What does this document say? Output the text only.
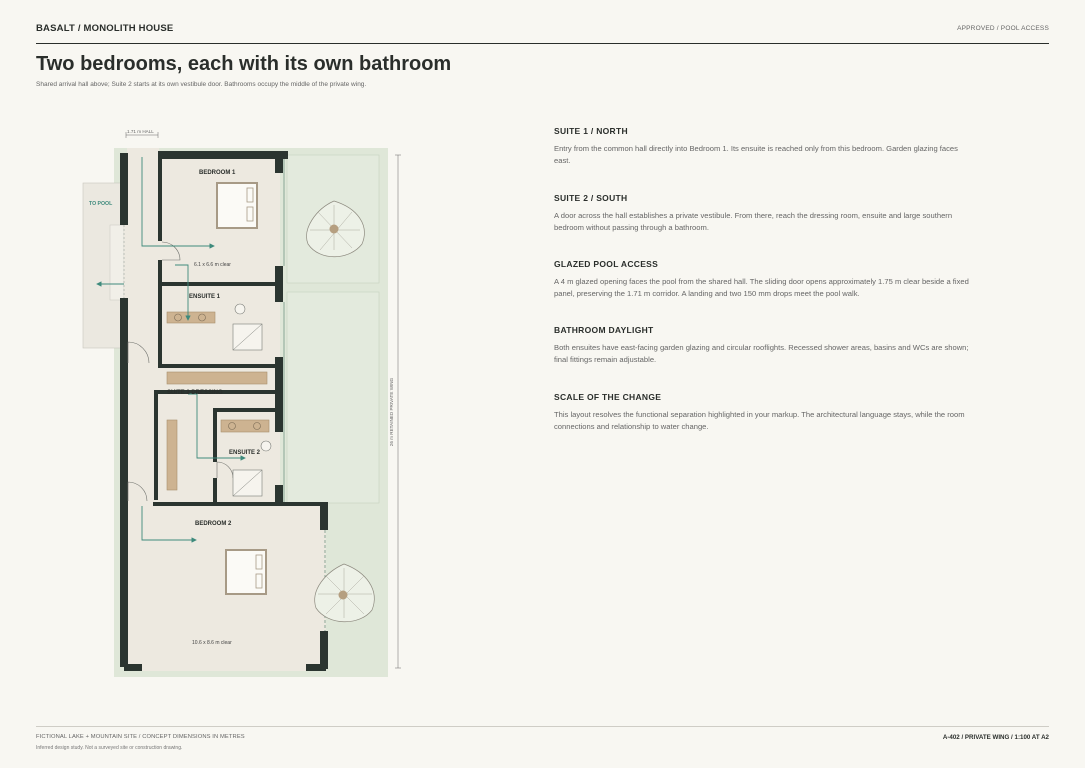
BASALT / MONOLITH HOUSE	APPROVED / POOL ACCESS
Two bedrooms, each with its own bathroom

Shared arrival hall above; Suite 2 starts at its own vestibule door. Bathrooms occupy the middle of the private wing.

1.71 m HALL
26 m RETAINED PRIVATE WING
TO POOL
BEDROOM 1
6.1 x 6.6 m clear
ENSUITE 1
SUITE 2 DRESSING
ENSUITE 2
BEDROOM 2
10.6 x 8.6 m clear
SUITE 1 / NORTH

Entry from the common hall directly into Bedroom 1. Its ensuite is reached only from this bedroom. Garden glazing faces east.

SUITE 2 / SOUTH

A door across the hall establishes a private vestibule. From there, reach the dressing room, ensuite and large southern bedroom without passing through a bathroom.

GLAZED POOL ACCESS

A 4 m glazed opening faces the pool from the shared hall. The sliding door opens approximately 1.75 m clear beside a fixed panel, preserving the 1.71 m corridor. A landing and two 150 mm drops meet the pool walk.

BATHROOM DAYLIGHT

Both ensuites have east-facing garden glazing and circular rooflights. Recessed shower areas, basins and WCs are shown; final fittings remain adjustable.

SCALE OF THE CHANGE

This layout resolves the functional separation highlighted in your markup. The architectural language stays, while the room connections and relationship to water change.

FICTIONAL LAKE + MOUNTAIN SITE / CONCEPT DIMENSIONS IN METRES
Inferred design study. Not a surveyed site or construction drawing.
A-402 / PRIVATE WING / 1:100 AT A2
